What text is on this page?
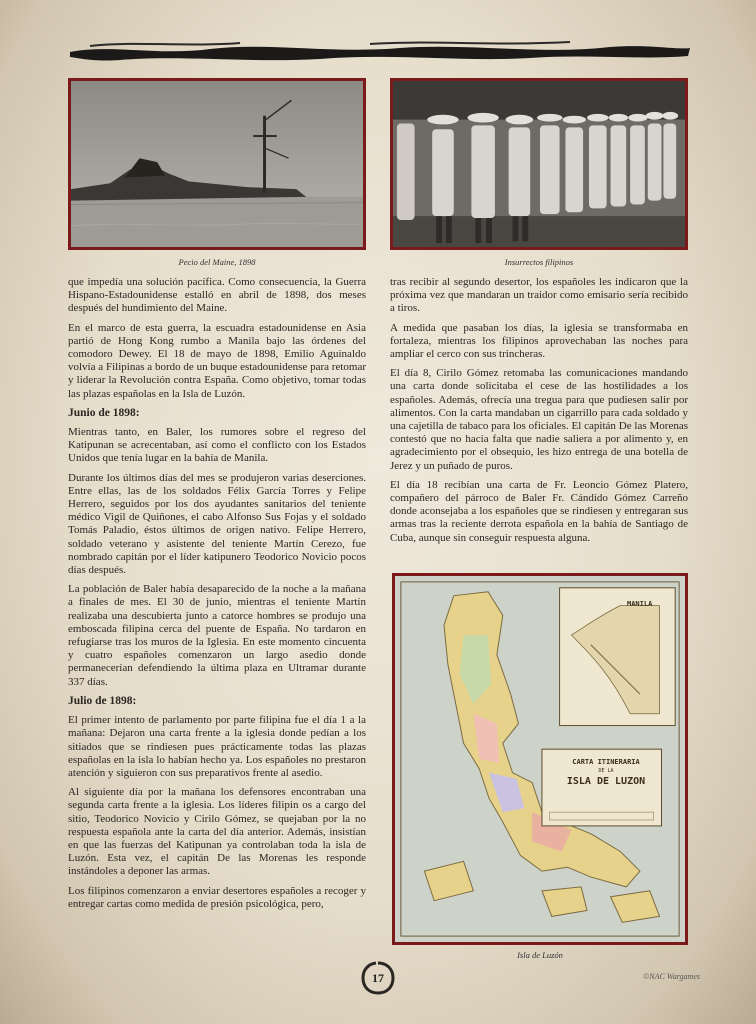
Pecio del Maine, 1898	Insurrectos filipinos

que impedía una solución pacífica. Como consecuencia, la Guerra Hispano-Estadounidense estalló en abril de 1898, dos meses después del hundimiento del Maine.

En el marco de esta guerra, la escuadra estadounidense en Asia partió de Hong Kong rumbo a Manila bajo las órdenes del comodoro Dewey. El 18 de mayo de 1898, Emilio Aguinaldo volvía a Filipinas a bordo de un buque estadounidense para retomar y liderar la Revolución contra España. Como objetivo, tomar todas las plazas españolas en la Isla de Luzón.

Junio de 1898:

Mientras tanto, en Baler, los rumores sobre el regreso del Katipunan se acrecentaban, así como el conflicto con los Estados Unidos que tenía lugar en la bahía de Manila.

Durante los últimos días del mes se produjeron varias deserciones. Entre ellas, las de los soldados Félix García Torres y Felipe Herrero, seguidos por los dos ayudantes sanitarios del teniente médico Vigil de Quiñones, el cabo Alfonso Sus Fojas y el soldado Tomás Paladio, éstos últimos de origen nativo. Felipe Herrero, soldado veterano y asistente del teniente Martín Cerezo, fue nombrado capitán por el líder katipunero Teodorico Novicio pocos días después.

La población de Baler había desaparecido de la noche a la mañana a finales de mes. El 30 de junio, mientras el teniente Martín realizaba una descubierta junto a catorce hombres se produjo una emboscada filipina cerca del puente de España. No tardaron en refugiarse tras los muros de la Iglesia. En este momento cincuenta y cuatro españoles comenzaron un largo asedio donde permanecerían defendiendo la última plaza en Ultramar durante 337 días.

Julio de 1898:

El primer intento de parlamento por parte filipina fue el día 1 a la mañana: Dejaron una carta frente a la iglesia donde pedían a los sitiados que se rindiesen pues prácticamente todas las plazas españolas en la isla lo habían hecho ya. Los españoles no prestaron atención y siguieron con sus preparativos frente al asedio.

Al siguiente día por la mañana los defensores encontraban una segunda carta frente a la iglesia. Los líderes filipin os a cargo del sitio, Teodorico Novicio y Cirilo Gómez, se quejaban por la no respuesta española ante la carta del día anterior. Además, insistían en que las fuerzas del Katipunan ya controlaban toda la isla de Luzón. Esta vez, el capitán De las Morenas les responde instándoles a deponer las armas.

Los filipinos comenzaron a enviar desertores españoles a recoger y entregar cartas como medida de presión psicológica, pero,

tras recibir al segundo desertor, los españoles les indicaron que la próxima vez que mandaran un traidor como emisario sería recibido a tiros.

A medida que pasaban los días, la iglesia se transformaba en fortaleza, mientras los filipinos aprovechaban las noches para ampliar el cerco con sus trincheras.

El día 8, Cirilo Gómez retomaba las comunicaciones mandando una carta donde solicitaba el cese de las hostilidades a los españoles. Además, ofrecía una tregua para que pudiesen salir por alimentos. Con la carta mandaban un cigarrillo para cada soldado y una cajetilla de tabaco para los oficiales. El capitán De las Morenas contestó que no hacía falta que nadie saliera a por alimento y, en agradecimiento por el obsequio, les hizo entrega de una botella de Jerez y un puñado de puros.

El día 18 recibían una carta de Fr. Leoncio Gómez Platero, compañero del párroco de Baler Fr. Cándido Gómez Carreño donde aconsejaba a los españoles que se rindiesen y entregaran sus armas tras la reciente derrota española en la bahía de Santiago de Cuba, aunque sin conseguir respuesta alguna.

MANILA
CARTA ITINERARIA
DE LA
ISLA DE LUZON
Isla de Luzón
17	©NAC Wargames
